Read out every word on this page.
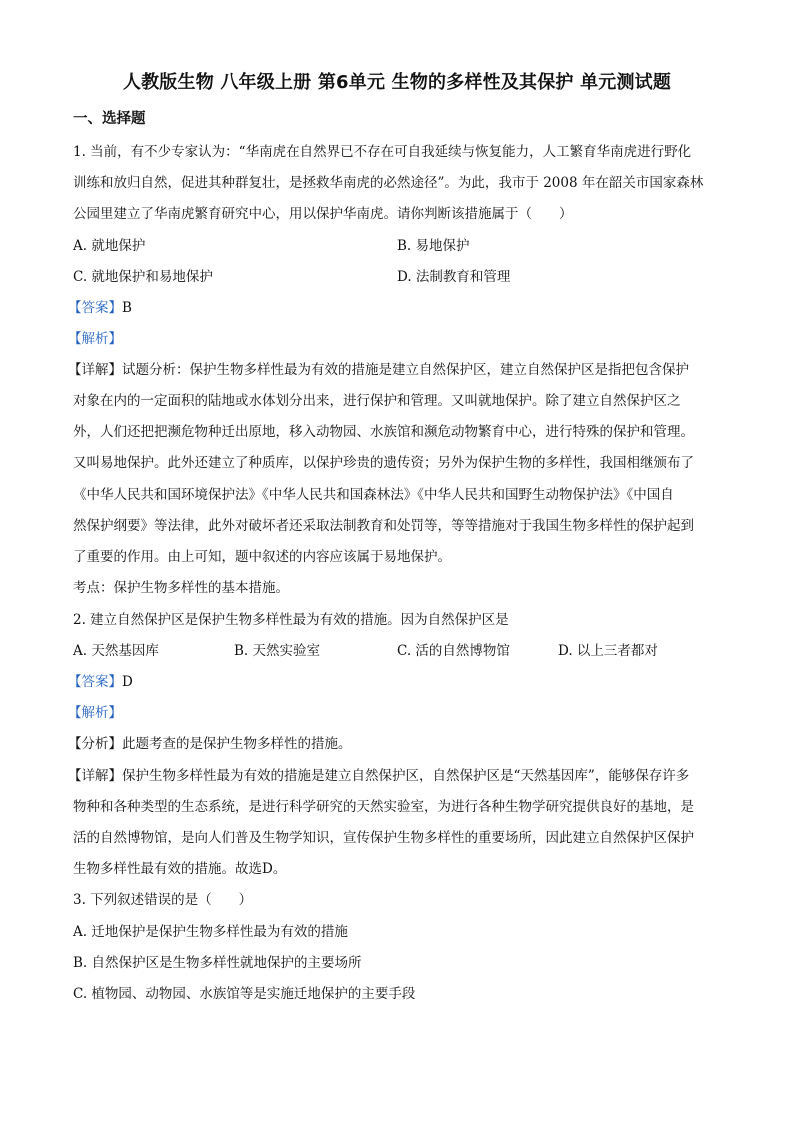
人教版生物 八年级上册 第6单元 生物的多样性及其保护 单元测试题
一、选择题
1. 当前，有不少专家认为：“华南虎在自然界已不存在可自我延续与恢复能力，人工繁育华南虎进行野化
训练和放归自然，促进其种群复壮，是拯救华南虎的必然途径”。为此，我市于 2008 年在韶关市国家森林
公园里建立了华南虎繁育研究中心，用以保护华南虎。请你判断该措施属于（　　）
A. 就地保护	B. 易地保护
C. 就地保护和易地保护	D. 法制教育和管理
【答案】B
【解析】
【详解】试题分析：保护生物多样性最为有效的措施是建立自然保护区，建立自然保护区是指把包含保护
对象在内的一定面积的陆地或水体划分出来，进行保护和管理。又叫就地保护。除了建立自然保护区之
外，人们还把把濒危物种迁出原地，移入动物园、水族馆和濒危动物繁育中心，进行特殊的保护和管理。
又叫易地保护。此外还建立了种质库，以保护珍贵的遗传资；另外为保护生物的多样性，我国相继颁布了
《中华人民共和国环境保护法》《中华人民共和国森林法》《中华人民共和国野生动物保护法》《中国自
然保护纲要》等法律，此外对破坏者还采取法制教育和处罚等，等等措施对于我国生物多样性的保护起到
了重要的作用。由上可知，题中叙述的内容应该属于易地保护。
考点：保护生物多样性的基本措施。
2. 建立自然保护区是保护生物多样性最为有效的措施。因为自然保护区是
A. 天然基因库	B. 天然实验室	C. 活的自然博物馆	D. 以上三者都对
【答案】D
【解析】
【分析】此题考查的是保护生物多样性的措施。
【详解】保护生物多样性最为有效的措施是建立自然保护区，自然保护区是“天然基因库”，能够保存许多
物种和各种类型的生态系统，是进行科学研究的天然实验室，为进行各种生物学研究提供良好的基地，是
活的自然博物馆，是向人们普及生物学知识，宣传保护生物多样性的重要场所，因此建立自然保护区保护
生物多样性最有效的措施。故选D。
3. 下列叙述错误的是（　　）
A. 迁地保护是保护生物多样性最为有效的措施
B. 自然保护区是生物多样性就地保护的主要场所
C. 植物园、动物园、水族馆等是实施迁地保护的主要手段
